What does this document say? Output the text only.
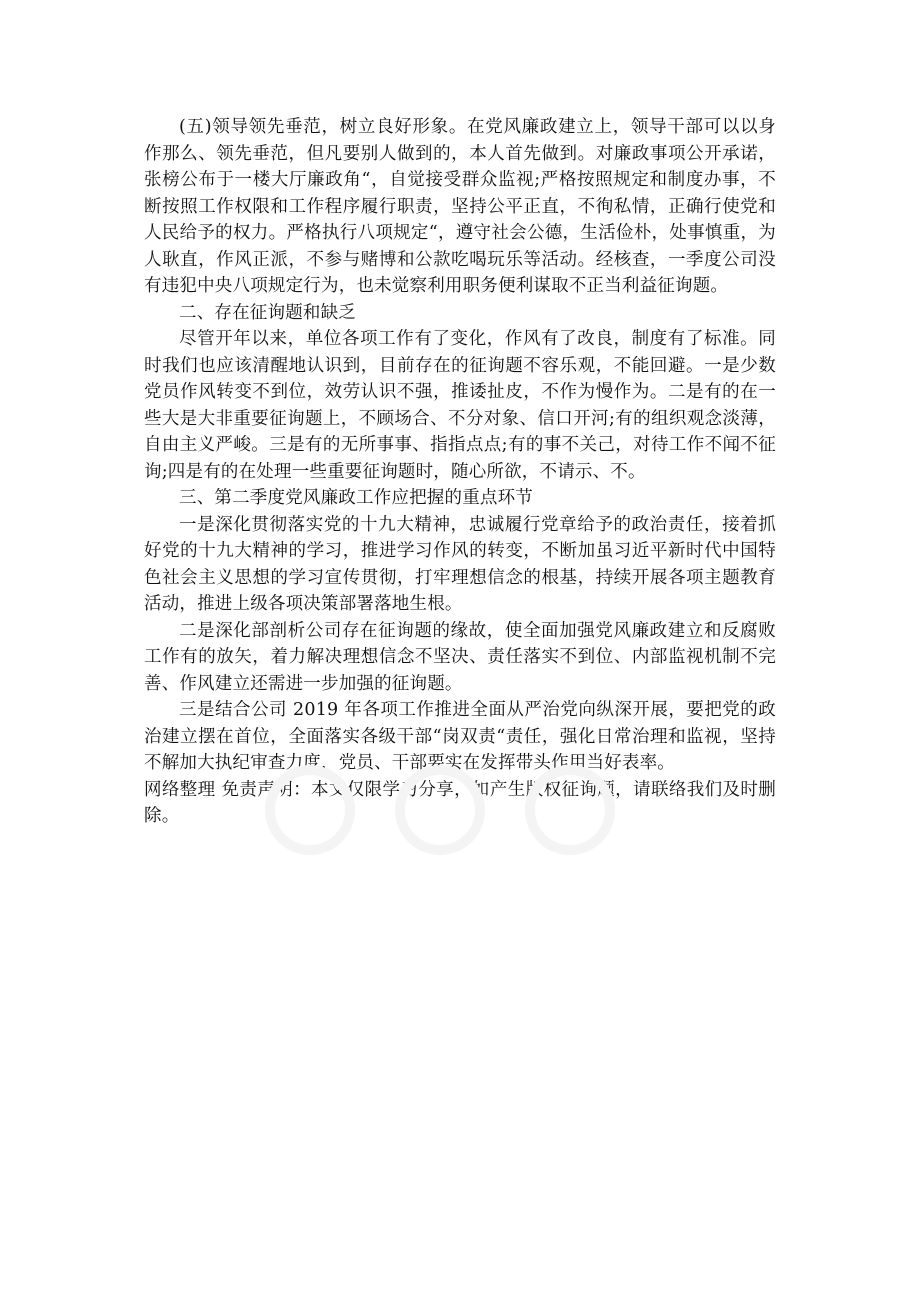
(五)领导领先垂范，树立良好形象。在党风廉政建立上，领导干部可以以身作那么、领先垂范，但凡要别人做到的，本人首先做到。对廉政事项公开承诺，张榜公布于一楼大厅廉政角“，自觉接受群众监视;严格按照规定和制度办事，不断按照工作权限和工作程序履行职责，坚持公平正直，不徇私情，正确行使党和人民给予的权力。严格执行八项规定“，遵守社会公德，生活俭朴，处事慎重，为人耿直，作风正派，不参与赌博和公款吃喝玩乐等活动。经核查，一季度公司没有违犯中央八项规定行为，也未觉察利用职务便利谋取不正当利益征询题。

二、存在征询题和缺乏

尽管开年以来，单位各项工作有了变化，作风有了改良，制度有了标准。同时我们也应该清醒地认识到，目前存在的征询题不容乐观，不能回避。一是少数党员作风转变不到位，效劳认识不强，推诿扯皮，不作为慢作为。二是有的在一些大是大非重要征询题上，不顾场合、不分对象、信口开河;有的组织观念淡薄，自由主义严峻。三是有的无所事事、指指点点;有的事不关己，对待工作不闻不征询;四是有的在处理一些重要征询题时，随心所欲，不请示、不。

三、第二季度党风廉政工作应把握的重点环节

一是深化贯彻落实党的十九大精神，忠诚履行党章给予的政治责任，接着抓好党的十九大精神的学习，推进学习作风的转变，不断加虽习近平新时代中国特色社会主义思想的学习宣传贯彻，打牢理想信念的根基，持续开展各项主题教育活动，推进上级各项决策部署落地生根。

二是深化部剖析公司存在征询题的缘故，使全面加强党风廉政建立和反腐败工作有的放矢，着力解决理想信念不坚决、责任落实不到位、内部监视机制不完善、作风建立还需进一步加强的征询题。

三是结合公司 2019 年各项工作推进全面从严治党向纵深开展，要把党的政治建立摆在首位，全面落实各级干部“岗双责“责任，强化日常治理和监视，坚持不解加大执纪审查力度，党员、干部要实在发挥带头作用当好表率。

网络整理 免责声明：本文仅限学习分享，如产生版权征询题，请联络我们及时删除。
